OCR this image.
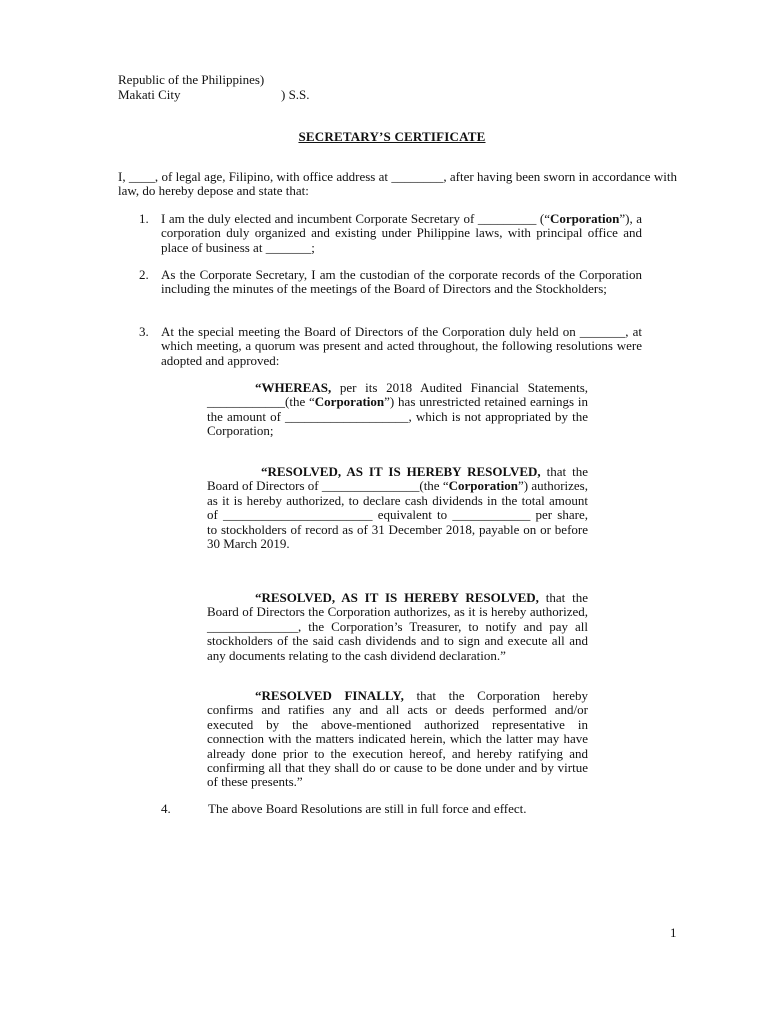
Republic of the Philippines)
Makati City	) S.S.
SECRETARY’S CERTIFICATE
I, ____, of legal age, Filipino, with office address at ________, after having been sworn in accordance with law, do hereby depose and state that:
1. I am the duly elected and incumbent Corporate Secretary of _________ (“Corporation”), a corporation duly organized and existing under Philippine laws, with principal office and place of business at _______;
2. As the Corporate Secretary, I am the custodian of the corporate records of the Corporation including the minutes of the meetings of the Board of Directors and the Stockholders;
3. At the special meeting the Board of Directors of the Corporation duly held on _______, at which meeting, a quorum was present and acted throughout, the following resolutions were adopted and approved:
“WHEREAS, per its 2018 Audited Financial Statements, ____________(the “Corporation”) has unrestricted retained earnings in the amount of ___________________, which is not appropriated by the Corporation;
“RESOLVED, AS IT IS HEREBY RESOLVED, that the Board of Directors of _______________(the “Corporation”) authorizes, as it is hereby authorized, to declare cash dividends in the total amount of _______________________ equivalent to ____________ per share, to stockholders of record as of 31 December 2018, payable on or before 30 March 2019.
“RESOLVED, AS IT IS HEREBY RESOLVED, that the Board of Directors the Corporation authorizes, as it is hereby authorized, ______________, the Corporation’s Treasurer, to notify and pay all stockholders of the said cash dividends and to sign and execute all and any documents relating to the cash dividend declaration.”
“RESOLVED FINALLY, that the Corporation hereby confirms and ratifies any and all acts or deeds performed and/or executed by the above-mentioned authorized representative in connection with the matters indicated herein, which the latter may have already done prior to the execution hereof, and hereby ratifying and confirming all that they shall do or cause to be done under and by virtue of these presents.”
4.	The above Board Resolutions are still in full force and effect.
1
